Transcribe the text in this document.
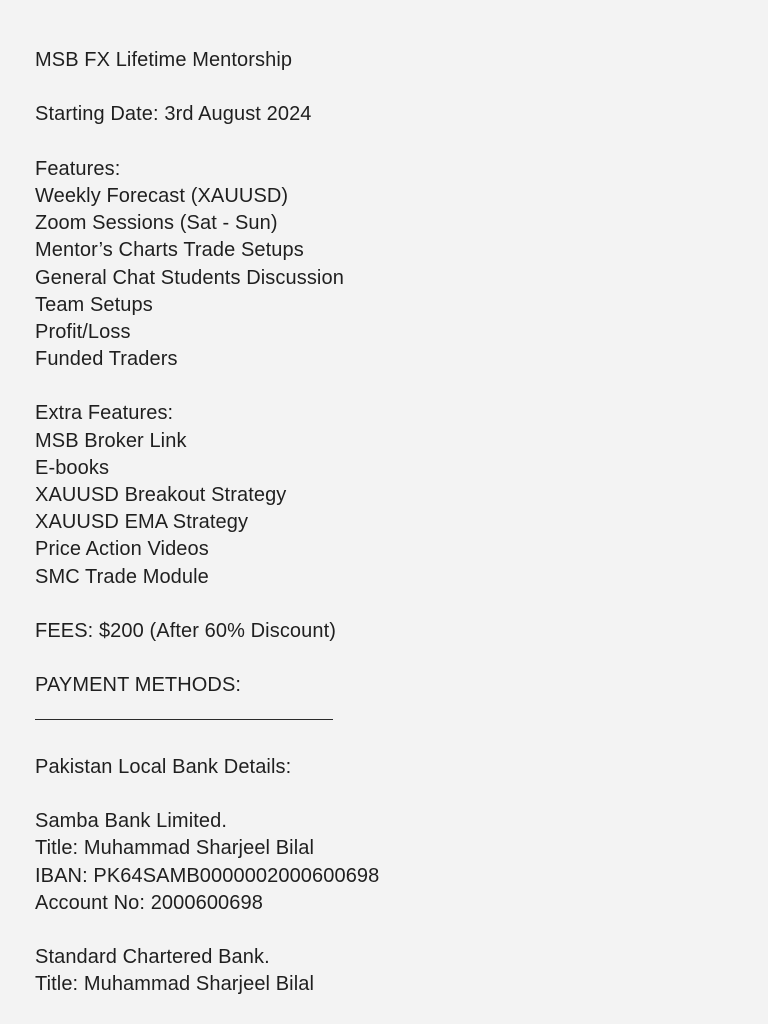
MSB FX Lifetime Mentorship
Starting Date: 3rd August 2024
Features:
Weekly Forecast (XAUUSD)
Zoom Sessions (Sat - Sun)
Mentor’s Charts Trade Setups
General Chat Students Discussion
Team Setups
Profit/Loss
Funded Traders
Extra Features:
MSB Broker Link
E-books
XAUUSD Breakout Strategy
XAUUSD EMA Strategy
Price Action Videos
SMC Trade Module
FEES: $200 (After 60% Discount)
PAYMENT METHODS:
Pakistan Local Bank Details:
Samba Bank Limited.
Title: Muhammad Sharjeel Bilal
IBAN: PK64SAMB0000002000600698
Account No: 2000600698
Standard Chartered Bank.
Title: Muhammad Sharjeel Bilal
